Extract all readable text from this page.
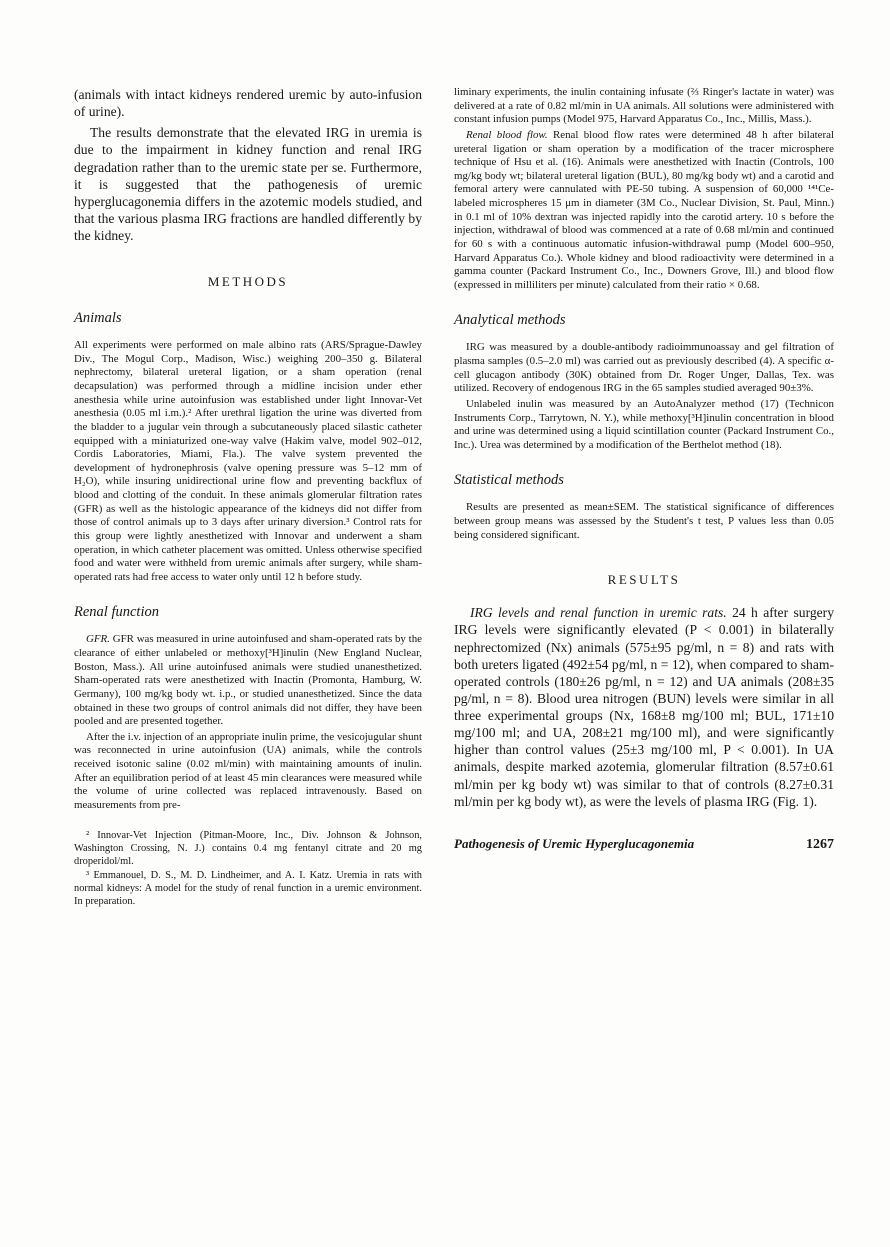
(animals with intact kidneys rendered uremic by auto-infusion of urine).

The results demonstrate that the elevated IRG in uremia is due to the impairment in kidney function and renal IRG degradation rather than to the uremic state per se. Furthermore, it is suggested that the pathogenesis of uremic hyperglucagonemia differs in the azotemic models studied, and that the various plasma IRG fractions are handled differently by the kidney.

METHODS
Animals

All experiments were performed on male albino rats (ARS/Sprague-Dawley Div., The Mogul Corp., Madison, Wisc.) weighing 200–350 g. Bilateral nephrectomy, bilateral ureteral ligation, or a sham operation (renal decapsulation) was performed through a midline incision under ether anesthesia while urine autoinfusion was established under light Innovar-Vet anesthesia (0.05 ml i.m.).² After urethral ligation the urine was diverted from the bladder to a jugular vein through a subcutaneously placed silastic catheter equipped with a miniaturized one-way valve (Hakim valve, model 902–012, Cordis Laboratories, Miami, Fla.). The valve system prevented the development of hydronephrosis (valve opening pressure was 5–12 mm of H₂O), while insuring unidirectional urine flow and preventing backflux of blood and clotting of the conduit. In these animals glomerular filtration rates (GFR) as well as the histologic appearance of the kidneys did not differ from those of control animals up to 3 days after urinary diversion.³ Control rats for this group were lightly anesthetized with Innovar and underwent a sham operation, in which catheter placement was omitted. Unless otherwise specified food and water were withheld from uremic animals after surgery, while sham-operated rats had free access to water only until 12 h before study.

Renal function

GFR. GFR was measured in urine autoinfused and sham-operated rats by the clearance of either unlabeled or methoxy[³H]inulin (New England Nuclear, Boston, Mass.). All urine autoinfused animals were studied unanesthetized. Sham-operated rats were anesthetized with Inactin (Promonta, Hamburg, W. Germany), 100 mg/kg body wt. i.p., or studied unanesthetized. Since the data obtained in these two groups of control animals did not differ, they have been pooled and are presented together.

After the i.v. injection of an appropriate inulin prime, the vesicojugular shunt was reconnected in urine autoinfusion (UA) animals, while the controls received isotonic saline (0.02 ml/min) with maintaining amounts of inulin. After an equilibration period of at least 45 min clearances were measured while the volume of urine collected was replaced intravenously. Based on measurements from pre-

² Innovar-Vet Injection (Pitman-Moore, Inc., Div. Johnson & Johnson, Washington Crossing, N. J.) contains 0.4 mg fentanyl citrate and 20 mg droperidol/ml.

³ Emmanouel, D. S., M. D. Lindheimer, and A. I. Katz. Uremia in rats with normal kidneys: A model for the study of renal function in a uremic environment. In preparation.

liminary experiments, the inulin containing infusate (⅔ Ringer's lactate in water) was delivered at a rate of 0.82 ml/min in UA animals. All solutions were administered with constant infusion pumps (Model 975, Harvard Apparatus Co., Inc., Millis, Mass.).

Renal blood flow. Renal blood flow rates were determined 48 h after bilateral ureteral ligation or sham operation by a modification of the tracer microsphere technique of Hsu et al. (16). Animals were anesthetized with Inactin (Controls, 100 mg/kg body wt; bilateral ureteral ligation (BUL), 80 mg/kg body wt) and a carotid and femoral artery were cannulated with PE-50 tubing. A suspension of 60,000 ¹⁴¹Ce-labeled microspheres 15 μm in diameter (3M Co., Nuclear Division, St. Paul, Minn.) in 0.1 ml of 10% dextran was injected rapidly into the carotid artery. 10 s before the injection, withdrawal of blood was commenced at a rate of 0.68 ml/min and continued for 60 s with a continuous automatic infusion-withdrawal pump (Model 600–950, Harvard Apparatus Co.). Whole kidney and blood radioactivity were determined in a gamma counter (Packard Instrument Co., Inc., Downers Grove, Ill.) and blood flow (expressed in milliliters per minute) calculated from their ratio × 0.68.

Analytical methods

IRG was measured by a double-antibody radioimmunoassay and gel filtration of plasma samples (0.5–2.0 ml) was carried out as previously described (4). A specific α-cell glucagon antibody (30K) obtained from Dr. Roger Unger, Dallas, Tex. was utilized. Recovery of endogenous IRG in the 65 samples studied averaged 90±3%.

Unlabeled inulin was measured by an AutoAnalyzer method (17) (Technicon Instruments Corp., Tarrytown, N. Y.), while methoxy[³H]inulin concentration in blood and urine was determined using a liquid scintillation counter (Packard Instrument Co., Inc.). Urea was determined by a modification of the Berthelot method (18).

Statistical methods

Results are presented as mean±SEM. The statistical significance of differences between group means was assessed by the Student's t test, P values less than 0.05 being considered significant.

RESULTS

IRG levels and renal function in uremic rats. 24 h after surgery IRG levels were significantly elevated (P < 0.001) in bilaterally nephrectomized (Nx) animals (575±95 pg/ml, n = 8) and rats with both ureters ligated (492±54 pg/ml, n = 12), when compared to sham-operated controls (180±26 pg/ml, n = 12) and UA animals (208±35 pg/ml, n = 8). Blood urea nitrogen (BUN) levels were similar in all three experimental groups (Nx, 168±8 mg/100 ml; BUL, 171±10 mg/100 ml; and UA, 208±21 mg/100 ml), and were significantly higher than control values (25±3 mg/100 ml, P < 0.001). In UA animals, despite marked azotemia, glomerular filtration (8.57±0.61 ml/min per kg body wt) was similar to that of controls (8.27±0.31 ml/min per kg body wt), as were the levels of plasma IRG (Fig. 1).

Pathogenesis of Uremic Hyperglucagonemia	1267
